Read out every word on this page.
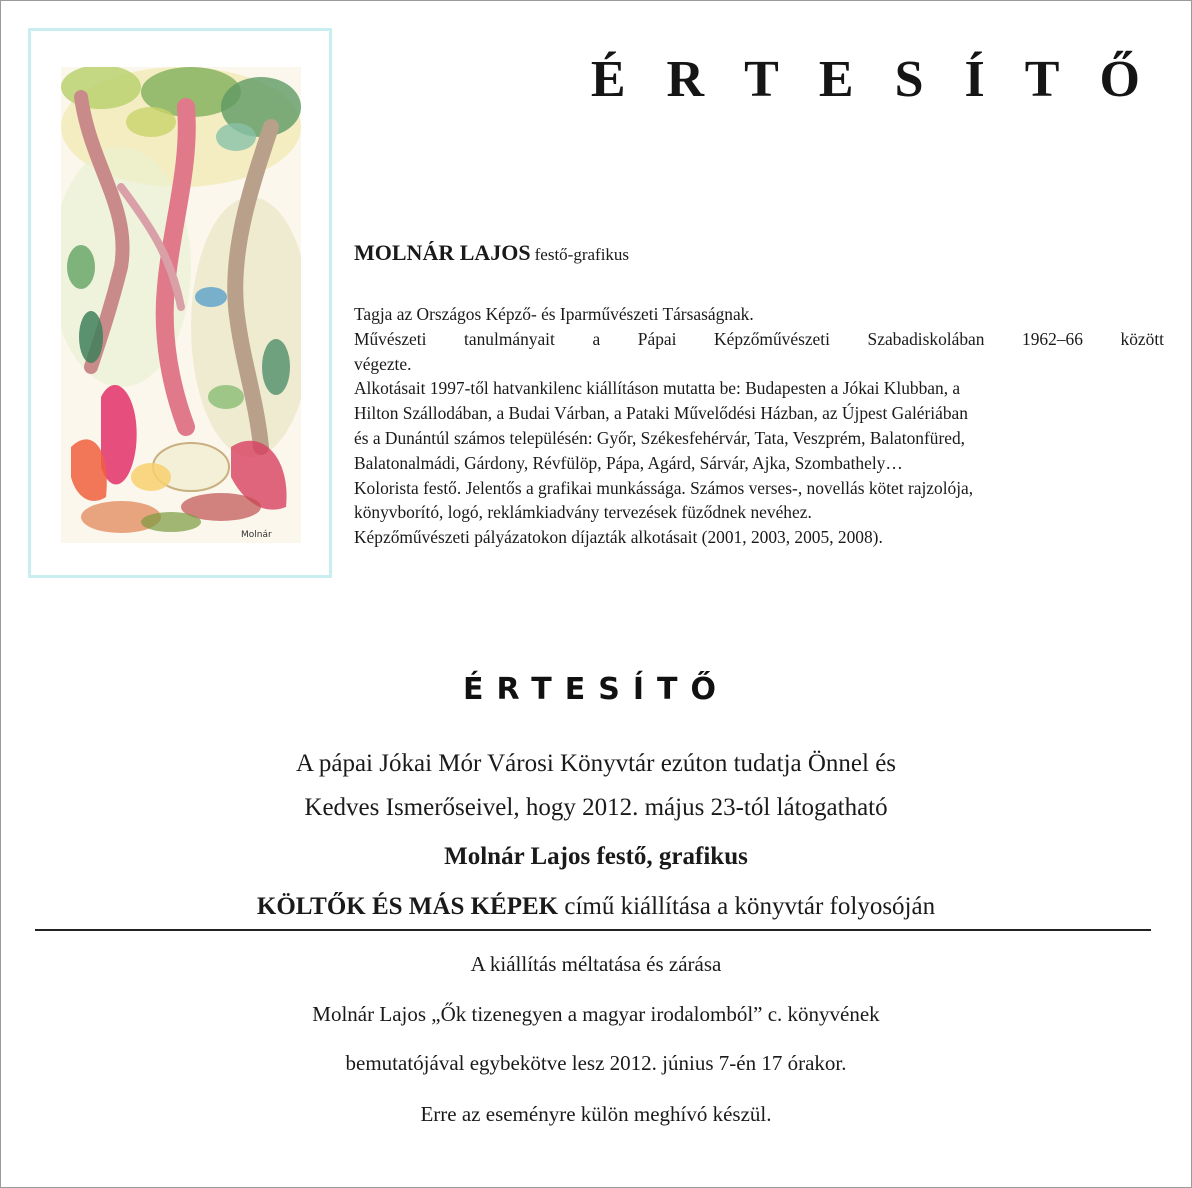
Molnár
É R T E S Í T Ő
MOLNÁR LAJOS festő-grafikus

Tagja az Országos Képző- és Iparművészeti Társaságnak.

Művészeti tanulmányait a Pápai Képzőművészeti Szabadiskolában 1962–66 között

végezte.

Alkotásait 1997-től hatvankilenc kiállításon mutatta be: Budapesten a Jókai Klubban, a

Hilton Szállodában, a Budai Várban, a Pataki Művelődési Házban, az Újpest Galériában

és a Dunántúl számos településén: Győr, Székesfehérvár, Tata, Veszprém, Balatonfüred,

Balatonalmádi, Gárdony, Révfülöp, Pápa, Agárd, Sárvár, Ajka, Szombathely…

Kolorista festő. Jelentős a grafikai munkássága. Számos verses-, novellás kötet rajzolója,

könyvborító, logó, reklámkiadvány tervezések füződnek nevéhez.

Képzőművészeti pályázatokon díjazták alkotásait (2001, 2003, 2005, 2008).

ÉRTESÍTŐ
A pápai Jókai Mór Városi Könyvtár ezúton tudatja Önnel és
Kedves Ismerőseivel, hogy 2012. május 23-tól látogatható
Molnár Lajos festő, grafikus
KÖLTŐK ÉS MÁS KÉPEK című kiállítása a könyvtár folyosóján
A kiállítás méltatása és zárása
Molnár Lajos „Ők tizenegyen a magyar irodalomból” c. könyvének
bemutatójával egybekötve lesz 2012. június 7-én 17 órakor.
Erre az eseményre külön meghívó készül.
